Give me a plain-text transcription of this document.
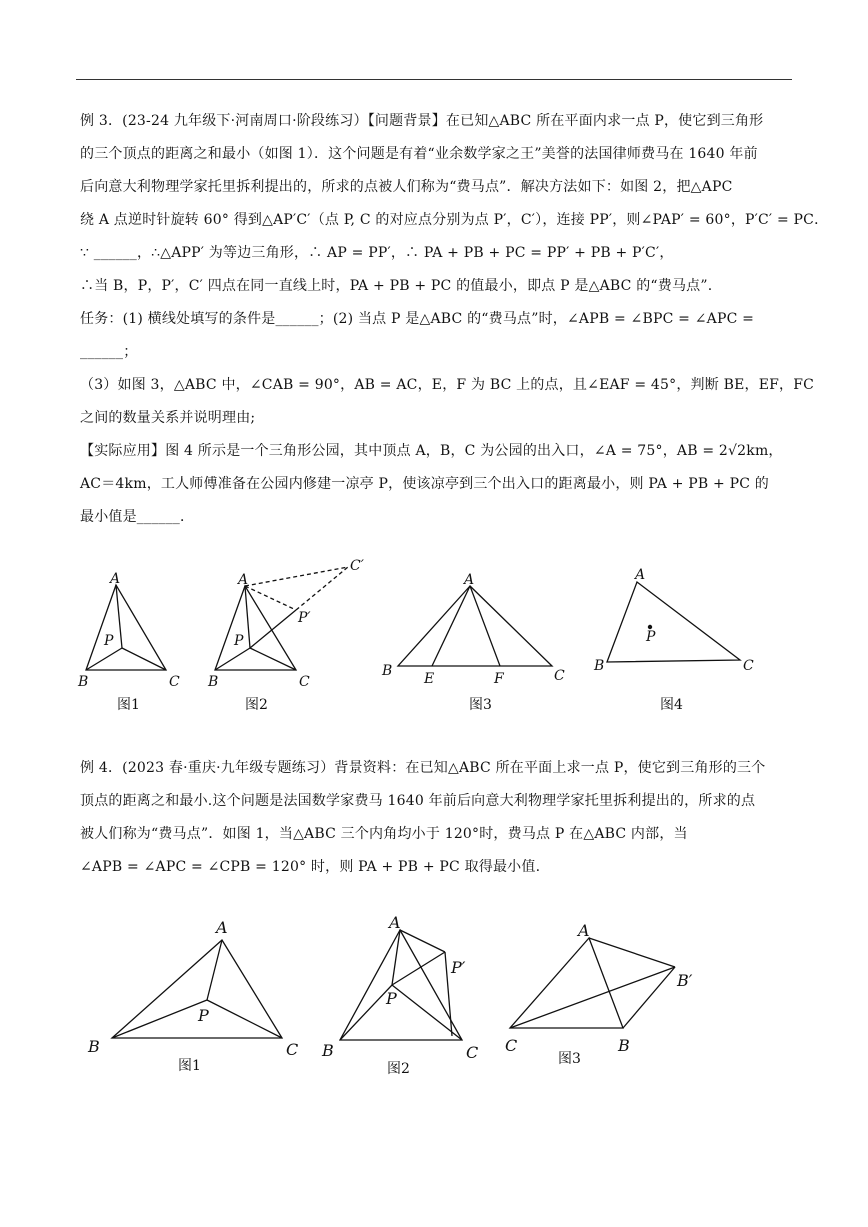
例 3．(23-24 九年级下·河南周口·阶段练习）【问题背景】在已知△ABC 所在平面内求一点 P，使它到三角形
的三个顶点的距离之和最小（如图 1）．这个问题是有着“业余数学家之王”美誉的法国律师费马在 1640 年前
后向意大利物理学家托里拆利提出的，所求的点被人们称为“费马点”．解决方法如下：如图 2，把△APC
绕 A 点逆时针旋转 60° 得到△AP′C′（点 P, C 的对应点分别为点 P′，C′），连接 PP′，则∠PAP′ = 60°，P′C′ = PC．
∵ ______，∴△APP′ 为等边三角形，∴ AP = PP′，∴ PA + PB + PC = PP′ + PB + P′C′，
∴当 B，P，P′，C′ 四点在同一直线上时，PA + PB + PC 的值最小，即点 P 是△ABC 的“费马点”.
任务：(1) 横线处填写的条件是______；(2) 当点 P 是△ABC 的“费马点”时，∠APB = ∠BPC = ∠APC =
______；
（3）如图 3，△ABC 中，∠CAB = 90°，AB = AC，E，F 为 BC 上的点，且∠EAF = 45°，判断 BE，EF，FC
之间的数量关系并说明理由;
【实际应用】图 4 所示是一个三角形公园，其中顶点 A，B，C 为公园的出入口，∠A = 75°，AB = 2√2km，
AC＝4km，工人师傅准备在公园内修建一凉亭 P，使该凉亭到三个出入口的距离最小，则 PA + PB + PC 的
最小值是______．
A
B	C
P
A
B	C
P
P′
C′
A
B	C
E	F
A
B	C
P
图1	图2	图3	图4
例 4．(2023 春·重庆·九年级专题练习）背景资料：在已知△ABC 所在平面上求一点 P，使它到三角形的三个
顶点的距离之和最小.这个问题是法国数学家费马 1640 年前后向意大利物理学家托里拆利提出的，所求的点
被人们称为“费马点”．如图 1，当△ABC 三个内角均小于 120°时，费马点 P 在△ABC 内部，当
∠APB = ∠APC = ∠CPB = 120° 时，则 PA + PB + PC 取得最小值.
A
B	C
P
A
B	C
P
P′
A
B
C
B′
图1	图2
图3
